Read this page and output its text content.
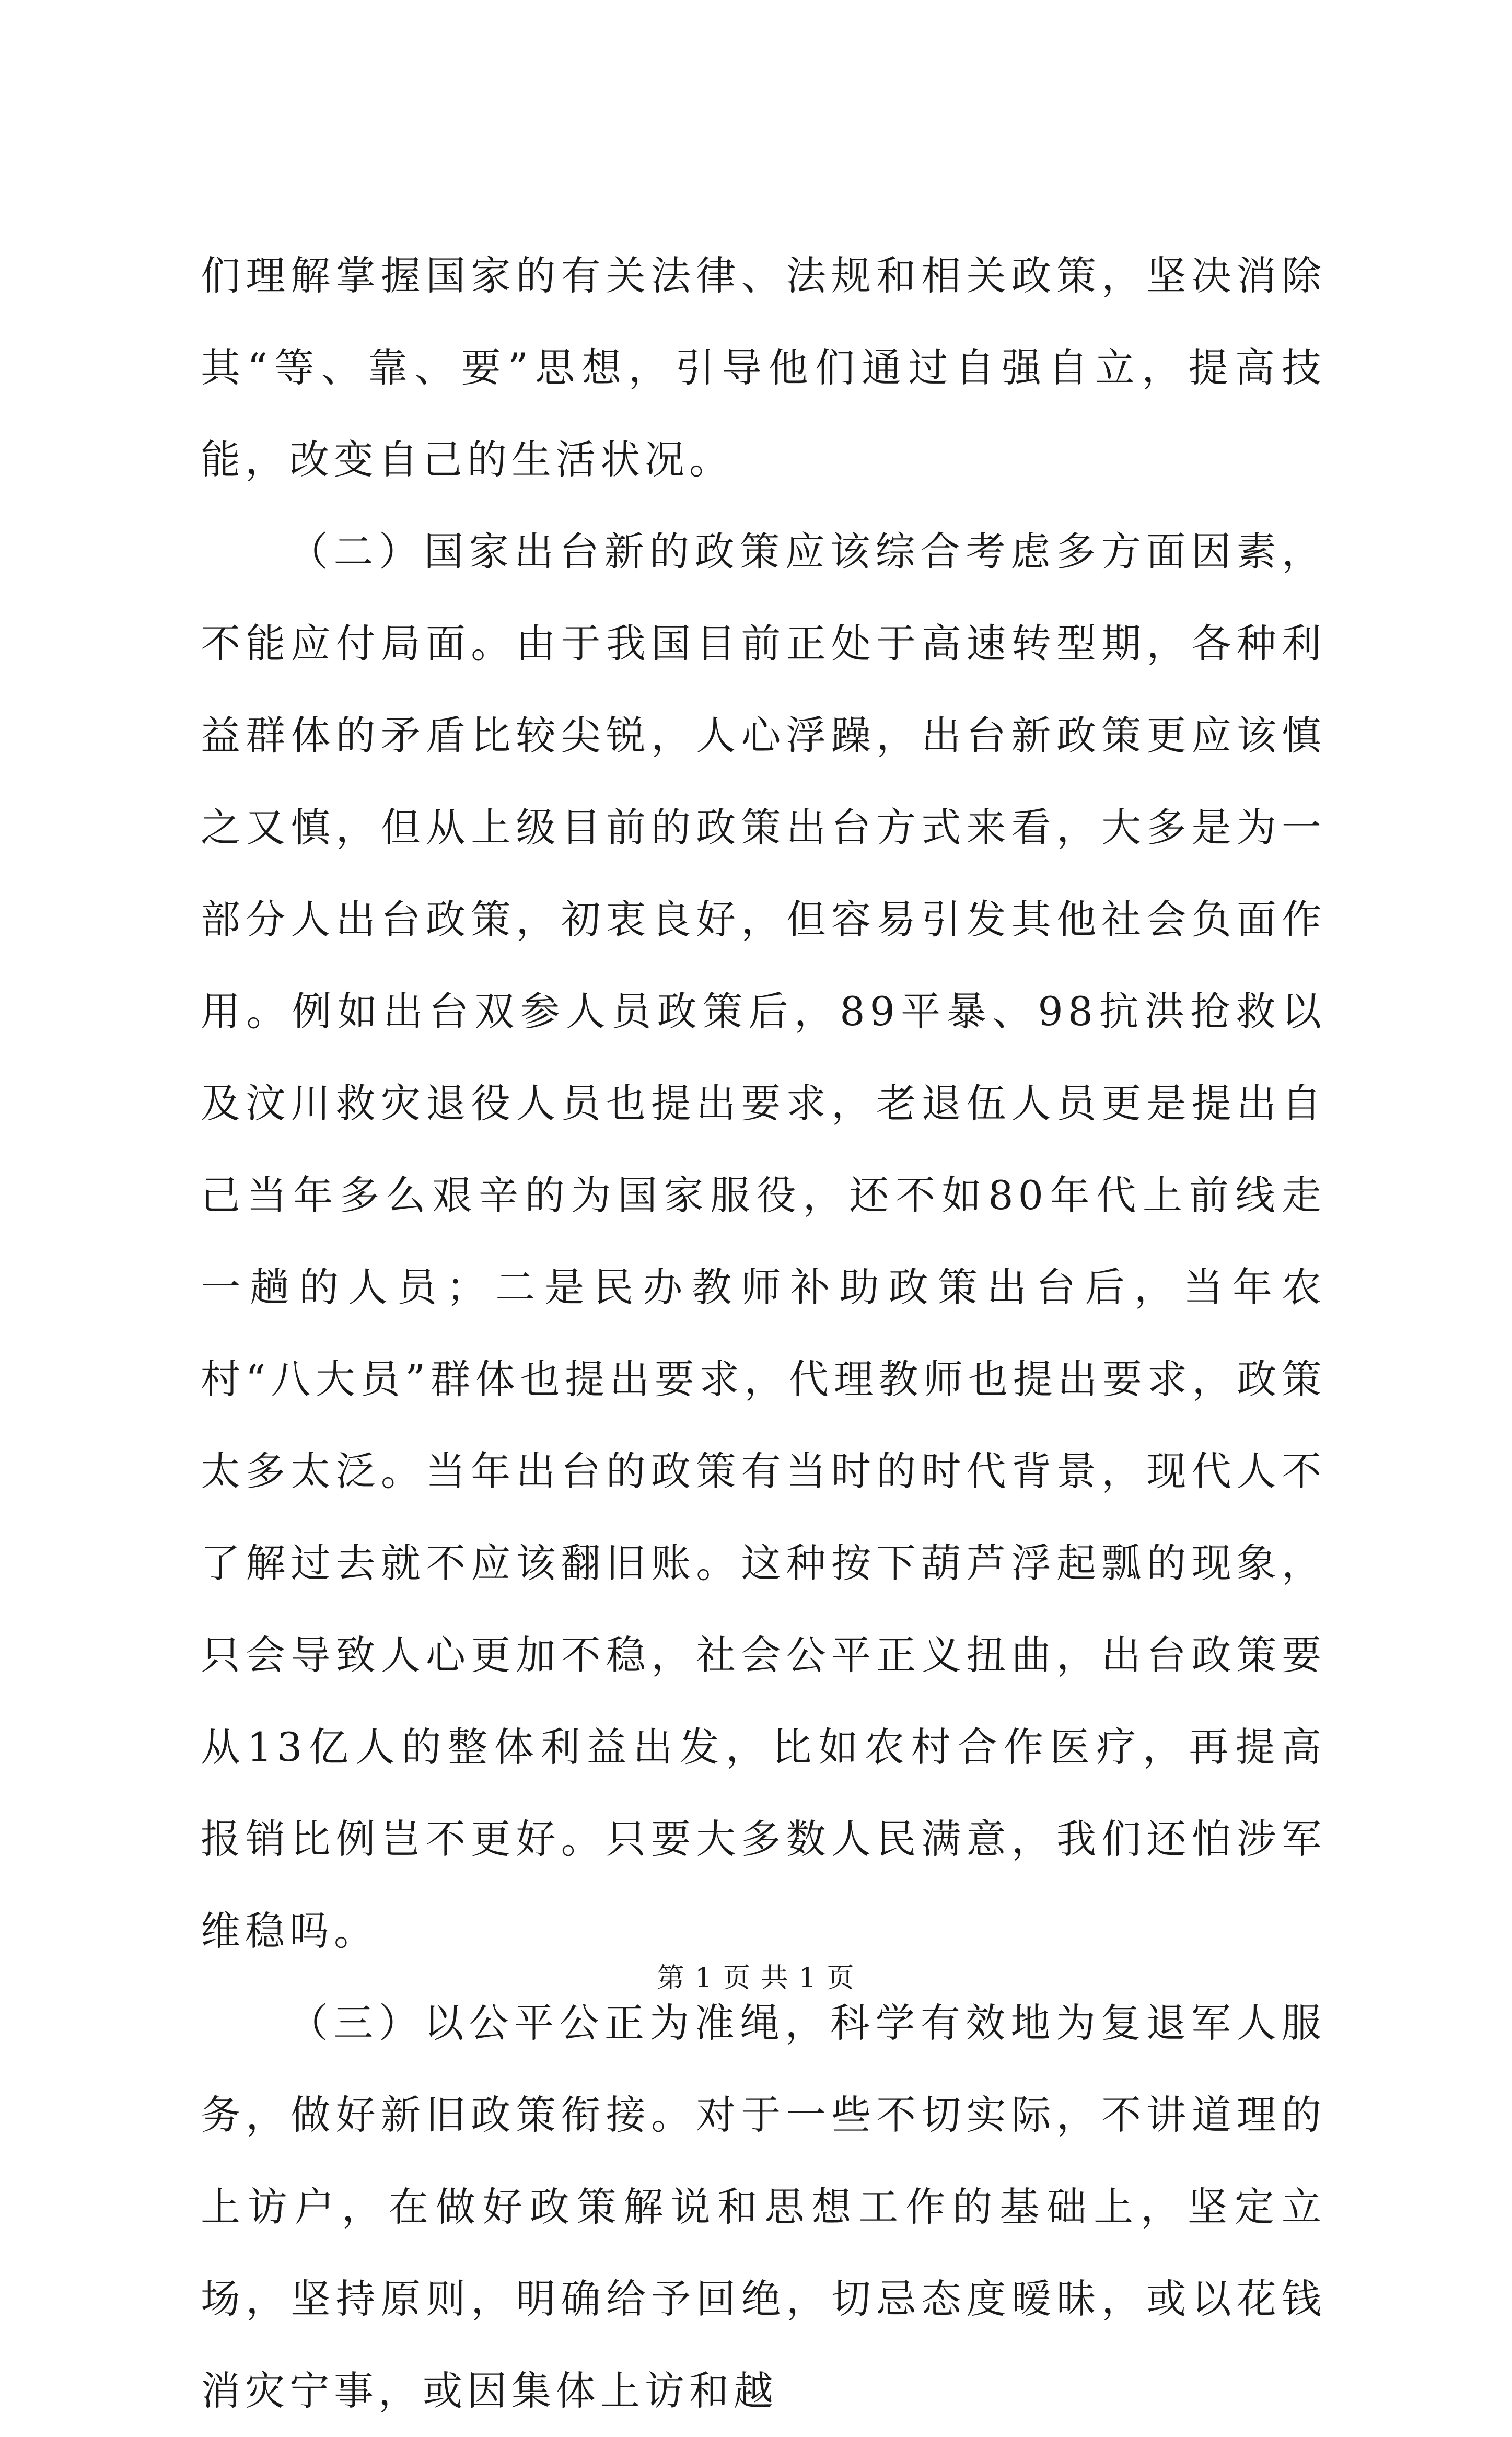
们理解掌握国家的有关法律、法规和相关政策，坚决消除其“等、靠、要”思想，引导他们通过自强自立，提高技能，改变自己的生活状况。

（二）国家出台新的政策应该综合考虑多方面因素，不能应付局面。由于我国目前正处于高速转型期，各种利益群体的矛盾比较尖锐，人心浮躁，出台新政策更应该慎之又慎，但从上级目前的政策出台方式来看，大多是为一部分人出台政策，初衷良好，但容易引发其他社会负面作用。例如出台双参人员政策后，89平暴、98抗洪抢救以及汶川救灾退役人员也提出要求，老退伍人员更是提出自己当年多么艰辛的为国家服役，还不如80年代上前线走一趟的人员；二是民办教师补助政策出台后，当年农村“八大员”群体也提出要求，代理教师也提出要求，政策太多太泛。当年出台的政策有当时的时代背景，现代人不了解过去就不应该翻旧账。这种按下葫芦浮起瓢的现象，只会导致人心更加不稳，社会公平正义扭曲，出台政策要从13亿人的整体利益出发，比如农村合作医疗，再提高报销比例岂不更好。只要大多数人民满意，我们还怕涉军维稳吗。

（三）以公平公正为准绳，科学有效地为复退军人服务，做好新旧政策衔接。对于一些不切实际，不讲道理的上访户，在做好政策解说和思想工作的基础上，坚定立场，坚持原则，明确给予回绝，切忌态度暧昧，或以花钱消灾宁事，或因集体上访和越

第 1 页 共 1 页
